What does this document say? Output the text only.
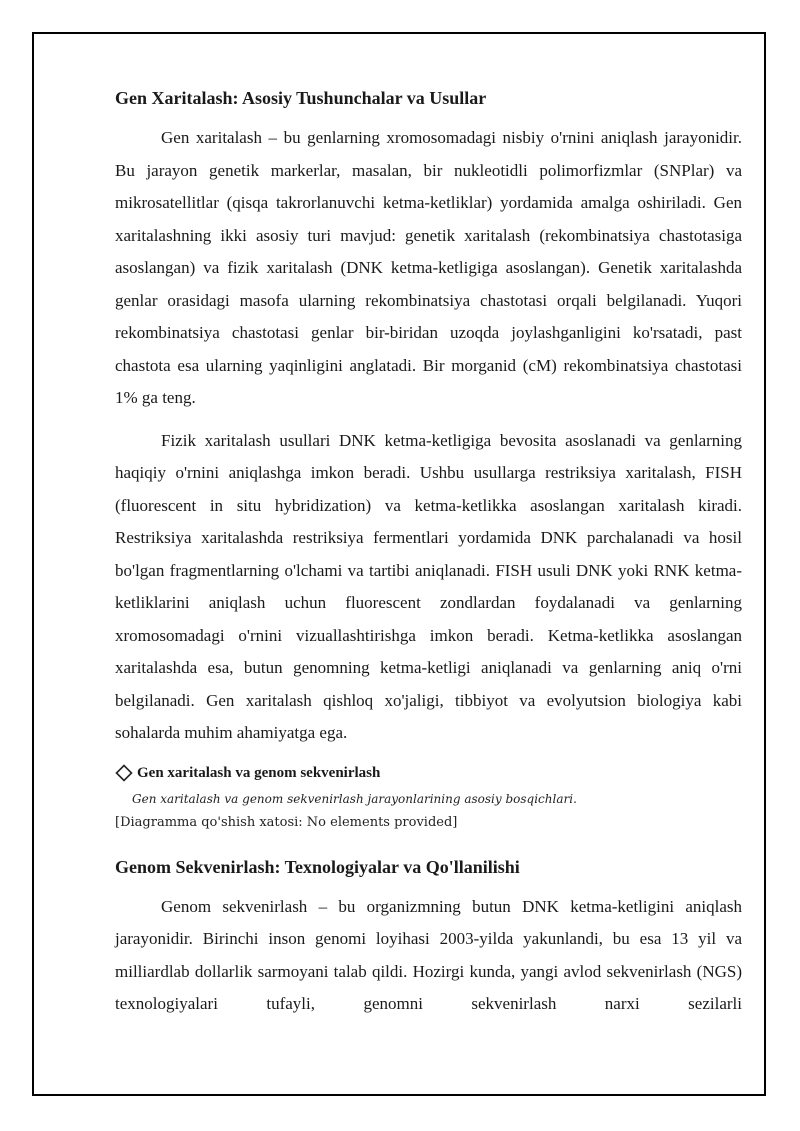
Gen Xaritalash: Asosiy Tushunchalar va Usullar

Gen xaritalash – bu genlarning xromosomadagi nisbiy o'rnini aniqlash jarayonidir. Bu jarayon genetik markerlar, masalan, bir nukleotidli polimorfizmlar (SNPlar) va mikrosatellitlar (qisqa takrorlanuvchi ketma-ketliklar) yordamida amalga oshiriladi. Gen xaritalashning ikki asosiy turi mavjud: genetik xaritalash (rekombinatsiya chastotasiga asoslangan) va fizik xaritalash (DNK ketma-ketligiga asoslangan). Genetik xaritalashda genlar orasidagi masofa ularning rekombinatsiya chastotasi orqali belgilanadi. Yuqori rekombinatsiya chastotasi genlar bir-biridan uzoqda joylashganligini ko'rsatadi, past chastota esa ularning yaqinligini anglatadi. Bir morganid (cM) rekombinatsiya chastotasi 1% ga teng.

Fizik xaritalash usullari DNK ketma-ketligiga bevosita asoslanadi va genlarning haqiqiy o'rnini aniqlashga imkon beradi. Ushbu usullarga restriksiya xaritalash, FISH (fluorescent in situ hybridization) va ketma-ketlikka asoslangan xaritalash kiradi. Restriksiya xaritalashda restriksiya fermentlari yordamida DNK parchalanadi va hosil bo'lgan fragmentlarning o'lchami va tartibi aniqlanadi. FISH usuli DNK yoki RNK ketma-ketliklarini aniqlash uchun fluorescent zondlardan foydalanadi va genlarning xromosomadagi o'rnini vizuallashtirishga imkon beradi. Ketma-ketlikka asoslangan xaritalashda esa, butun genomning ketma-ketligi aniqlanadi va genlarning aniq o'rni belgilanadi. Gen xaritalash qishloq xo'jaligi, tibbiyot va evolyutsion biologiya kabi sohalarda muhim ahamiyatga ega.

Gen xaritalash va genom sekvenirlash
Gen xaritalash va genom sekvenirlash jarayonlarining asosiy bosqichlari.
[Diagramma qo'shish xatosi: No elements provided]
Genom Sekvenirlash: Texnologiyalar va Qo'llanilishi

Genom sekvenirlash – bu organizmning butun DNK ketma-ketligini aniqlash jarayonidir. Birinchi inson genomi loyihasi 2003-yilda yakunlandi, bu esa 13 yil va milliardlab dollarlik sarmoyani talab qildi. Hozirgi kunda, yangi avlod sekvenirlash (NGS) texnologiyalari tufayli, genomni sekvenirlash narxi sezilarli
